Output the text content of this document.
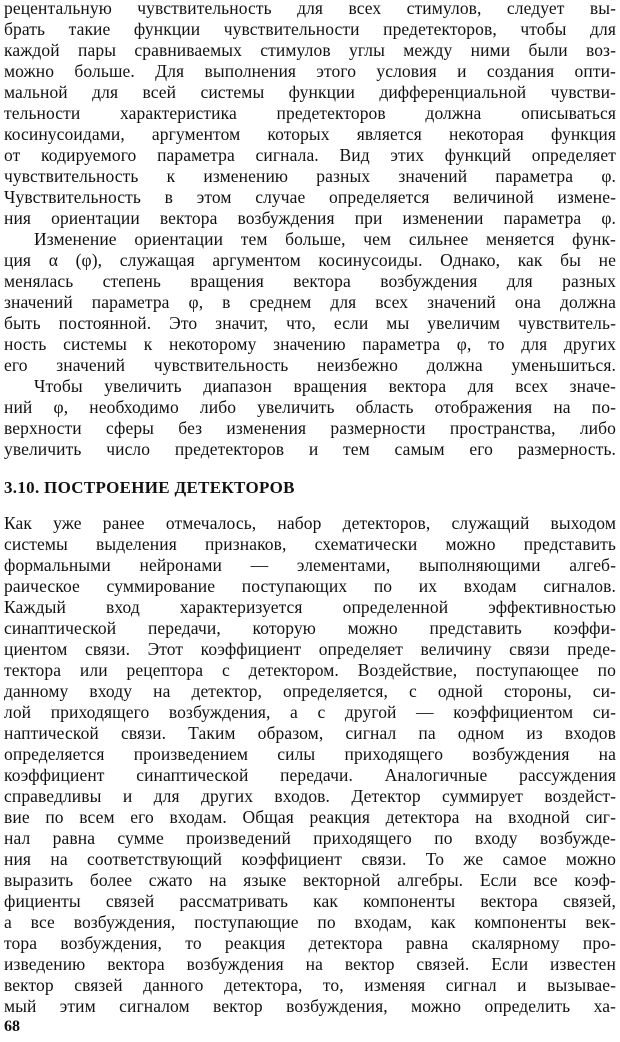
рецентальную чувствительность для всех стимулов, следует вы-
брать такие функции чувствительности предетекторов, чтобы для
каждой пары сравниваемых стимулов углы между ними были воз-
можно больше. Для выполнения этого условия и создания опти-
мальной для всей системы функции дифференциальной чувстви-
тельности характеристика предетекторов должна описываться
косинусоидами, аргументом которых является некоторая функция
от кодируемого параметра сигнала. Вид этих функций определяет
чувствительность к изменению разных значений параметра φ.
Чувствительность в этом случае определяется величиной измене-
ния ориентации вектора возбуждения при изменении параметра φ.
Изменение ориентации тем больше, чем сильнее меняется функ-
ция α (φ), служащая аргументом косинусоиды. Однако, как бы не
менялась степень вращения вектора возбуждения для разных
значений параметра φ, в среднем для всех значений она должна
быть постоянной. Это значит, что, если мы увеличим чувствитель-
ность системы к некоторому значению параметра φ, то для других
его значений чувствительность неизбежно должна уменьшиться.
Чтобы увеличить диапазон вращения вектора для всех значе-
ний φ, необходимо либо увеличить область отображения на по-
верхности сферы без изменения размерности пространства, либо
увеличить число предетекторов и тем самым его размерность.
3.10. ПОСТРОЕНИЕ ДЕТЕКТОРОВ
Как уже ранее отмечалось, набор детекторов, служащий выходом
системы выделения признаков, схематически можно представить
формальными нейронами — элементами, выполняющими алгеб-
раическое суммирование поступающих по их входам сигналов.
Каждый вход характеризуется определенной эффективностью
синаптической передачи, которую можно представить коэффи-
циентом связи. Этот коэффициент определяет величину связи преде-
тектора или рецептора с детектором. Воздействие, поступающее по
данному входу на детектор, определяется, с одной стороны, си-
лой приходящего возбуждения, а с другой — коэффициентом си-
наптической связи. Таким образом, сигнал па одном из входов
определяется произведением силы приходящего возбуждения на
коэффициент синаптической передачи. Аналогичные рассуждения
справедливы и для других входов. Детектор суммирует воздейст-
вие по всем его входам. Общая реакция детектора на входной сиг-
нал равна сумме произведений приходящего по входу возбужде-
ния на соответствующий коэффициент связи. То же самое можно
выразить более сжато на языке векторной алгебры. Если все коэф-
фициенты связей рассматривать как компоненты вектора связей,
а все возбуждения, поступающие по входам, как компоненты век-
тора возбуждения, то реакция детектора равна скалярному про-
изведению вектора возбуждения на вектор связей. Если известен
вектор связей данного детектора, то, изменяя сигнал и вызывае-
мый этим сигналом вектор возбуждения, можно определить ха-
68
